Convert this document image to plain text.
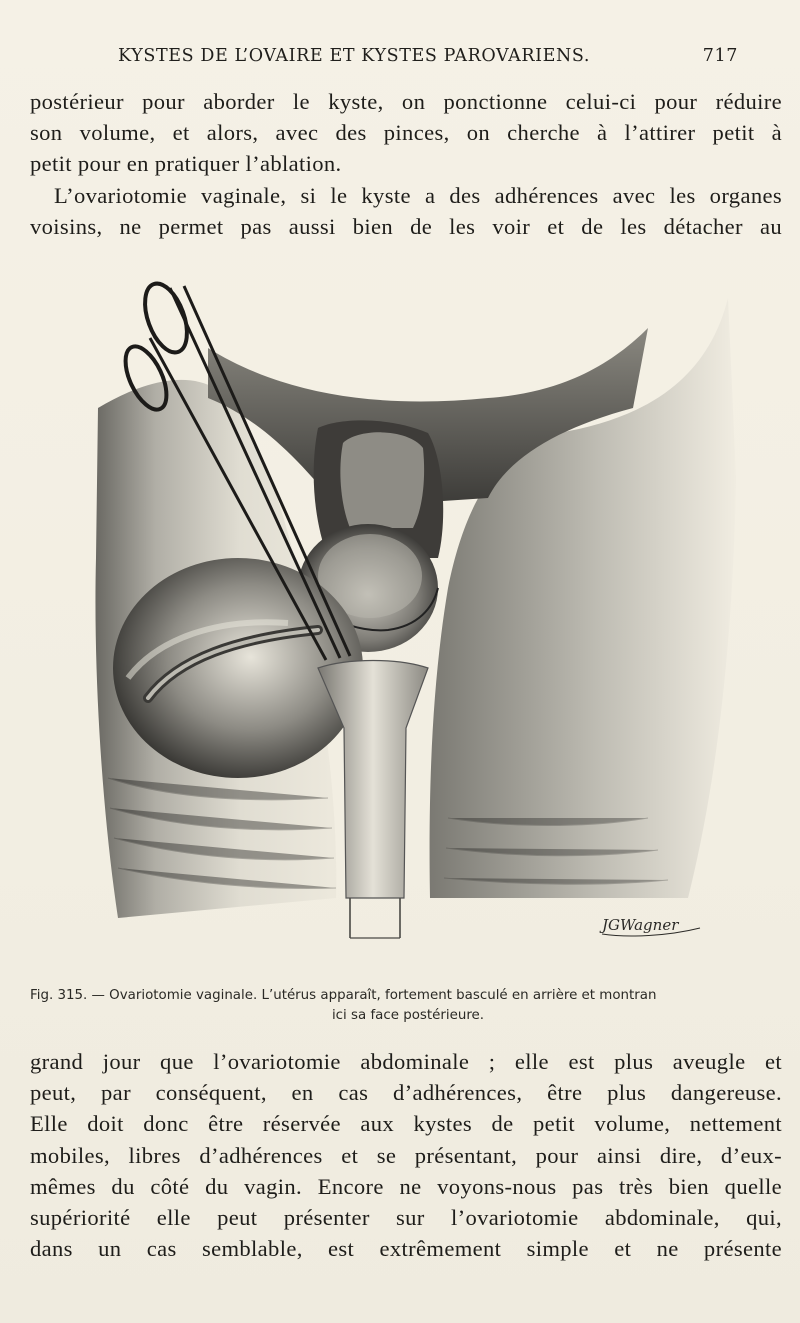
KYSTES DE L’OVAIRE ET KYSTES PAROVARIENS.	717
postérieur pour aborder le kyste, on ponctionne celui-ci pour réduire
son volume, et alors, avec des pinces, on cherche à l’attirer petit à
petit pour en pratiquer l’ablation.
L’ovariotomie vaginale, si le kyste a des adhérences avec les organes
voisins, ne permet pas aussi bien de les voir et de les détacher au
JGWagner
Fig. 315. — Ovariotomie vaginale. L’utérus apparaît, fortement basculé en arrière et montran
ici sa face postérieure.
grand jour que l’ovariotomie abdominale ; elle est plus aveugle et
peut, par conséquent, en cas d’adhérences, être plus dangereuse.
Elle doit donc être réservée aux kystes de petit volume, nettement
mobiles, libres d’adhérences et se présentant, pour ainsi dire, d’eux-
mêmes du côté du vagin. Encore ne voyons-nous pas très bien quelle
supériorité elle peut présenter sur l’ovariotomie abdominale, qui,
dans un cas semblable, est extrêmement simple et ne présente
